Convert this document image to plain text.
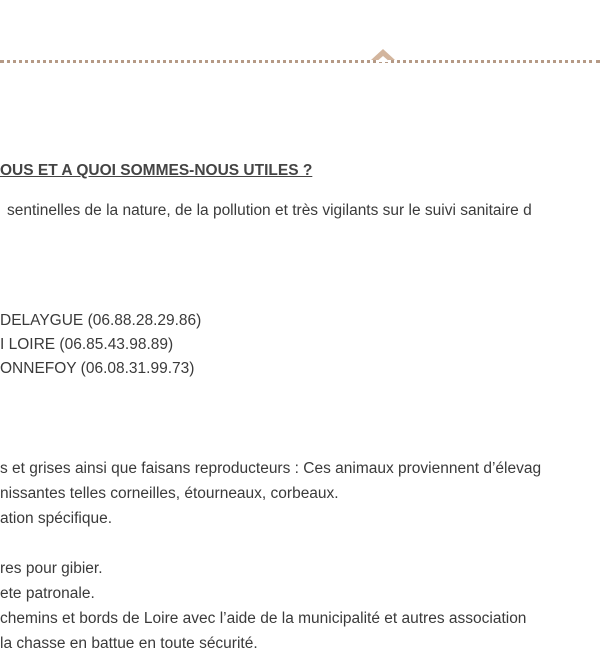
OUS ET A QUOI SOMMES-NOUS UTILES ?
sentinelles de la nature, de la pollution et très vigilants sur le suivi sanitaire d
DELAYGUE (06.88.28.29.86)
I LOIRE (06.85.43.98.89)
ONNEFOY (06.08.31.99.73)
s et grises ainsi que faisans reproducteurs : Ces animaux proviennent d’élevag
nissantes telles corneilles, étourneaux, corbeaux.
ation spécifique.
res pour gibier.
ete patronale.
chemins et bords de Loire avec l’aide de la municipalité et autres association
la chasse en battue en toute sécurité.
